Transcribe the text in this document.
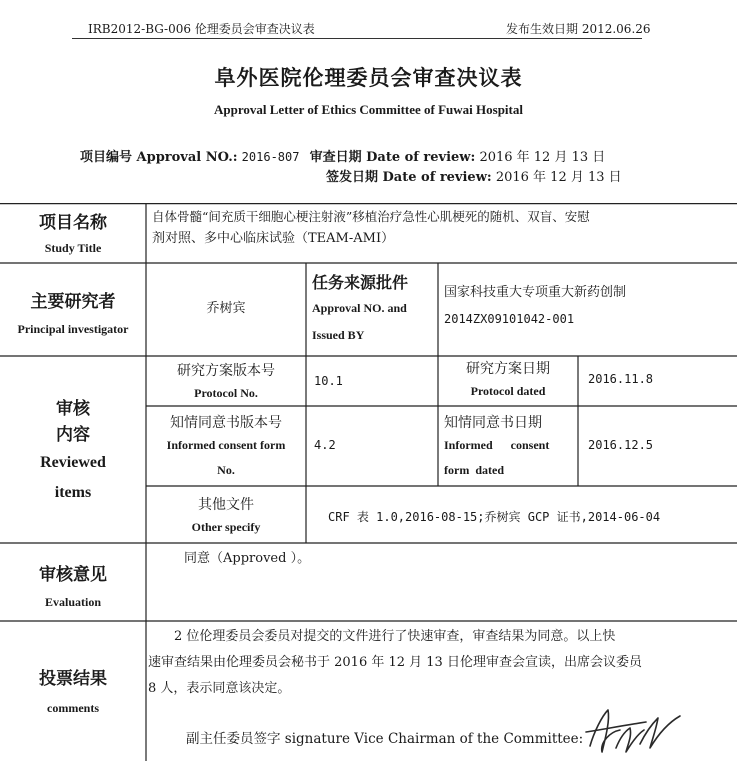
IRB2012-BG-006 伦理委员会审查决议表	发布生效日期 2012.06.26
阜外医院伦理委员会审查决议表
Approval Letter of Ethics Committee of Fuwai Hospital
项目编号 Approval NO.: 2016-807 审查日期 Date of review: 2016 年 12 月 13 日
签发日期 Date of review: 2016 年 12 月 13 日
项目名称
Study Title
自体骨髓“间充质干细胞心梗注射液”移植治疗急性心肌梗死的随机、双盲、安慰
剂对照、多中心临床试验（TEAM-AMI）
主要研究者
Principal investigator
乔树宾
任务来源批件
Approval NO. and
Issued BY
国家科技重大专项重大新药创制
2014ZX09101042-001
审核
内容
Reviewed
items
研究方案版本号
Protocol No.
10.1
研究方案日期
Protocol dated
2016.11.8
知情同意书版本号
Informed consent form
No.
4.2
知情同意书日期
Informed      consent
form  dated
2016.12.5
其他文件
Other specify
CRF 表 1.0,2016-08-15;乔树宾 GCP 证书,2014-06-04
审核意见
Evaluation
同意（Approved ）。
投票结果
comments
2 位伦理委员会委员对提交的文件进行了快速审查，审查结果为同意。以上快
速审查结果由伦理委员会秘书于 2016 年 12 月 13 日伦理审查会宣读，出席会议委员
8 人，表示同意该决定。
副主任委员签字 signature Vice Chairman of the Committee:
